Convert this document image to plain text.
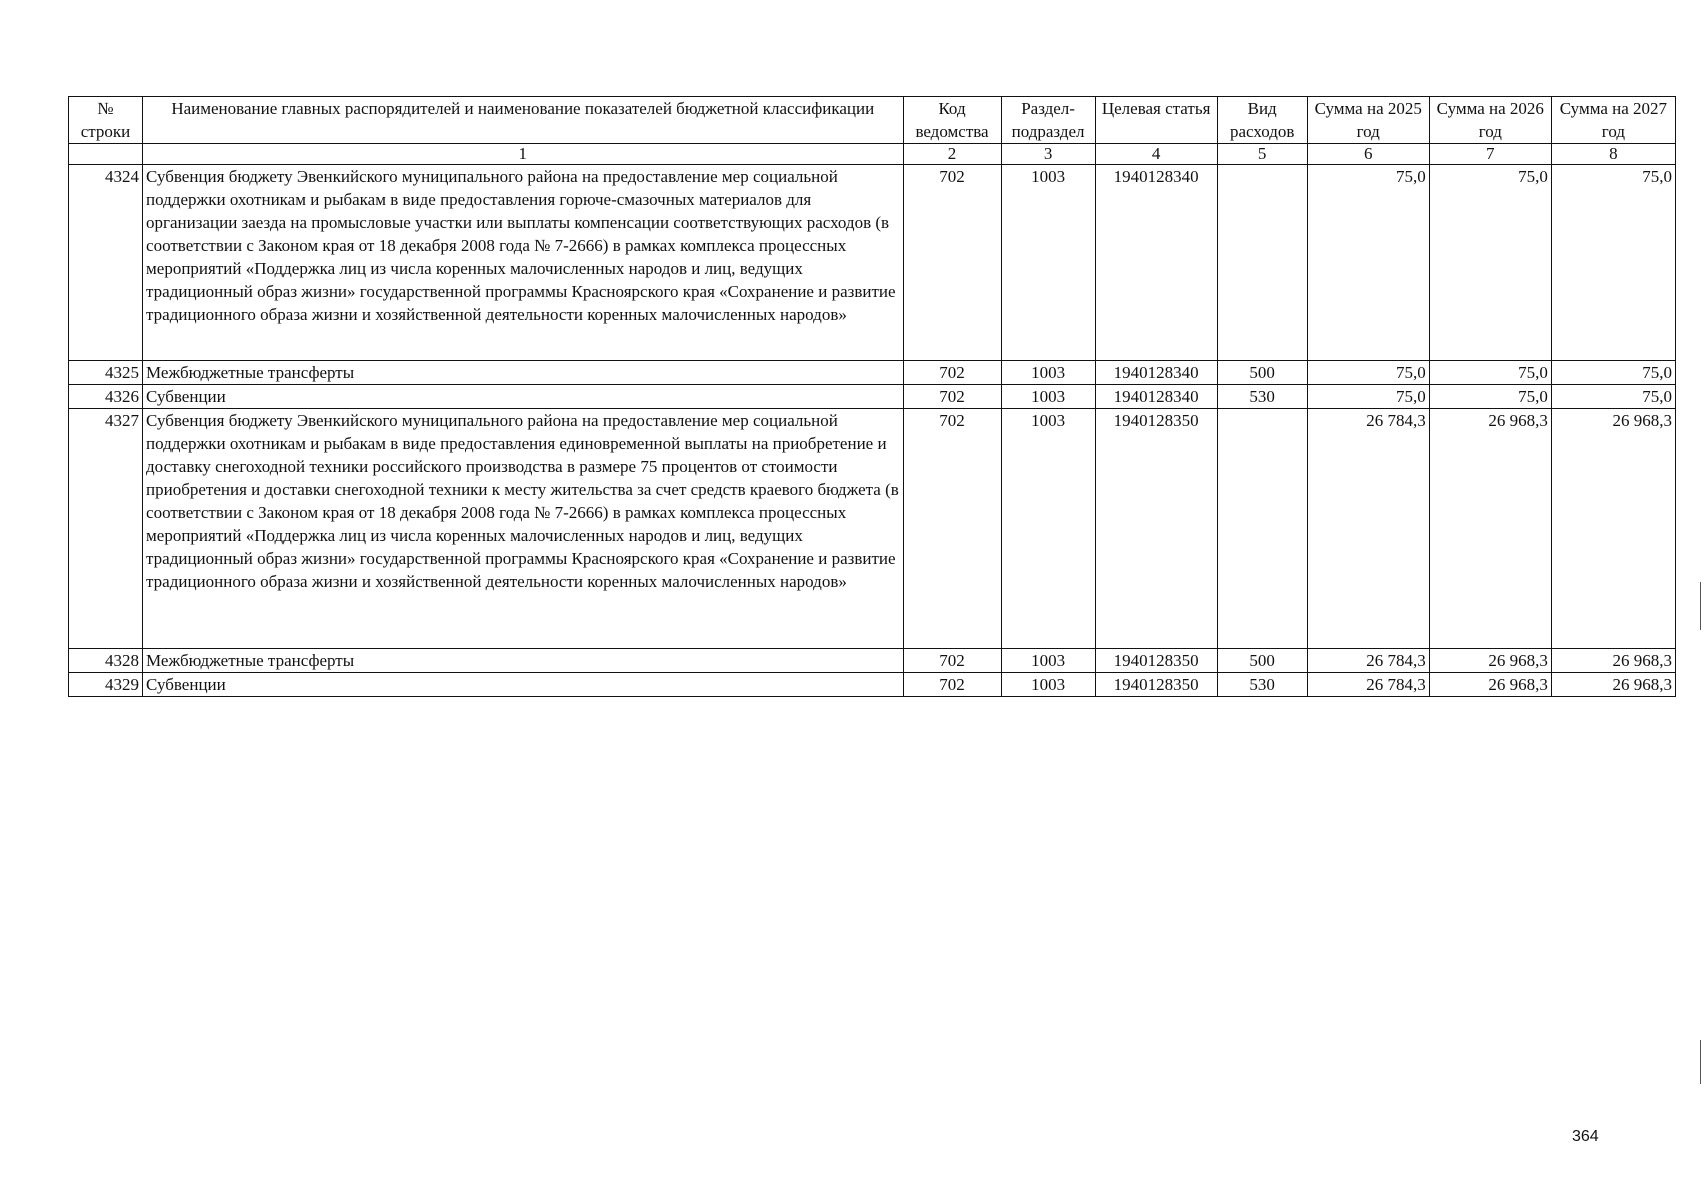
№ строки	Наименование главных распорядителей и наименование показателей бюджетной классификации	Код ведомства	Раздел-подраздел	Целевая статья	Вид расходов	Сумма на 2025 год	Сумма на 2026 год	Сумма на 2027 год
	1	2	3	4	5	6	7	8
4324	Субвенция бюджету Эвенкийского муниципального района на предоставление мер социальной поддержки охотникам и рыбакам в виде предоставления горюче-смазочных материалов для организации заезда на промысловые участки или выплаты компенсации соответствующих расходов (в соответствии с Законом края от 18 декабря 2008 года № 7-2666) в рамках комплекса процессных мероприятий «Поддержка лиц из числа коренных малочисленных народов и лиц, ведущих традиционный образ жизни» государственной программы Красноярского края «Сохранение и развитие традиционного образа жизни и хозяйственной деятельности коренных малочисленных народов»	702	1003	1940128340		75,0	75,0	75,0
4325	Межбюджетные трансферты	702	1003	1940128340	500	75,0	75,0	75,0
4326	Субвенции	702	1003	1940128340	530	75,0	75,0	75,0
4327	Субвенция бюджету Эвенкийского муниципального района на предоставление мер социальной поддержки охотникам и рыбакам в виде предоставления единовременной выплаты на приобретение и доставку снегоходной техники российского производства в размере 75 процентов от стоимости приобретения и доставки снегоходной техники к месту жительства за счет средств краевого бюджета (в соответствии с Законом края от 18 декабря 2008 года № 7-2666) в рамках комплекса процессных мероприятий «Поддержка лиц из числа коренных малочисленных народов и лиц, ведущих традиционный образ жизни» государственной программы Красноярского края «Сохранение и развитие традиционного образа жизни и хозяйственной деятельности коренных малочисленных народов»	702	1003	1940128350		26 784,3	26 968,3	26 968,3
4328	Межбюджетные трансферты	702	1003	1940128350	500	26 784,3	26 968,3	26 968,3
4329	Субвенции	702	1003	1940128350	530	26 784,3	26 968,3	26 968,3
364
